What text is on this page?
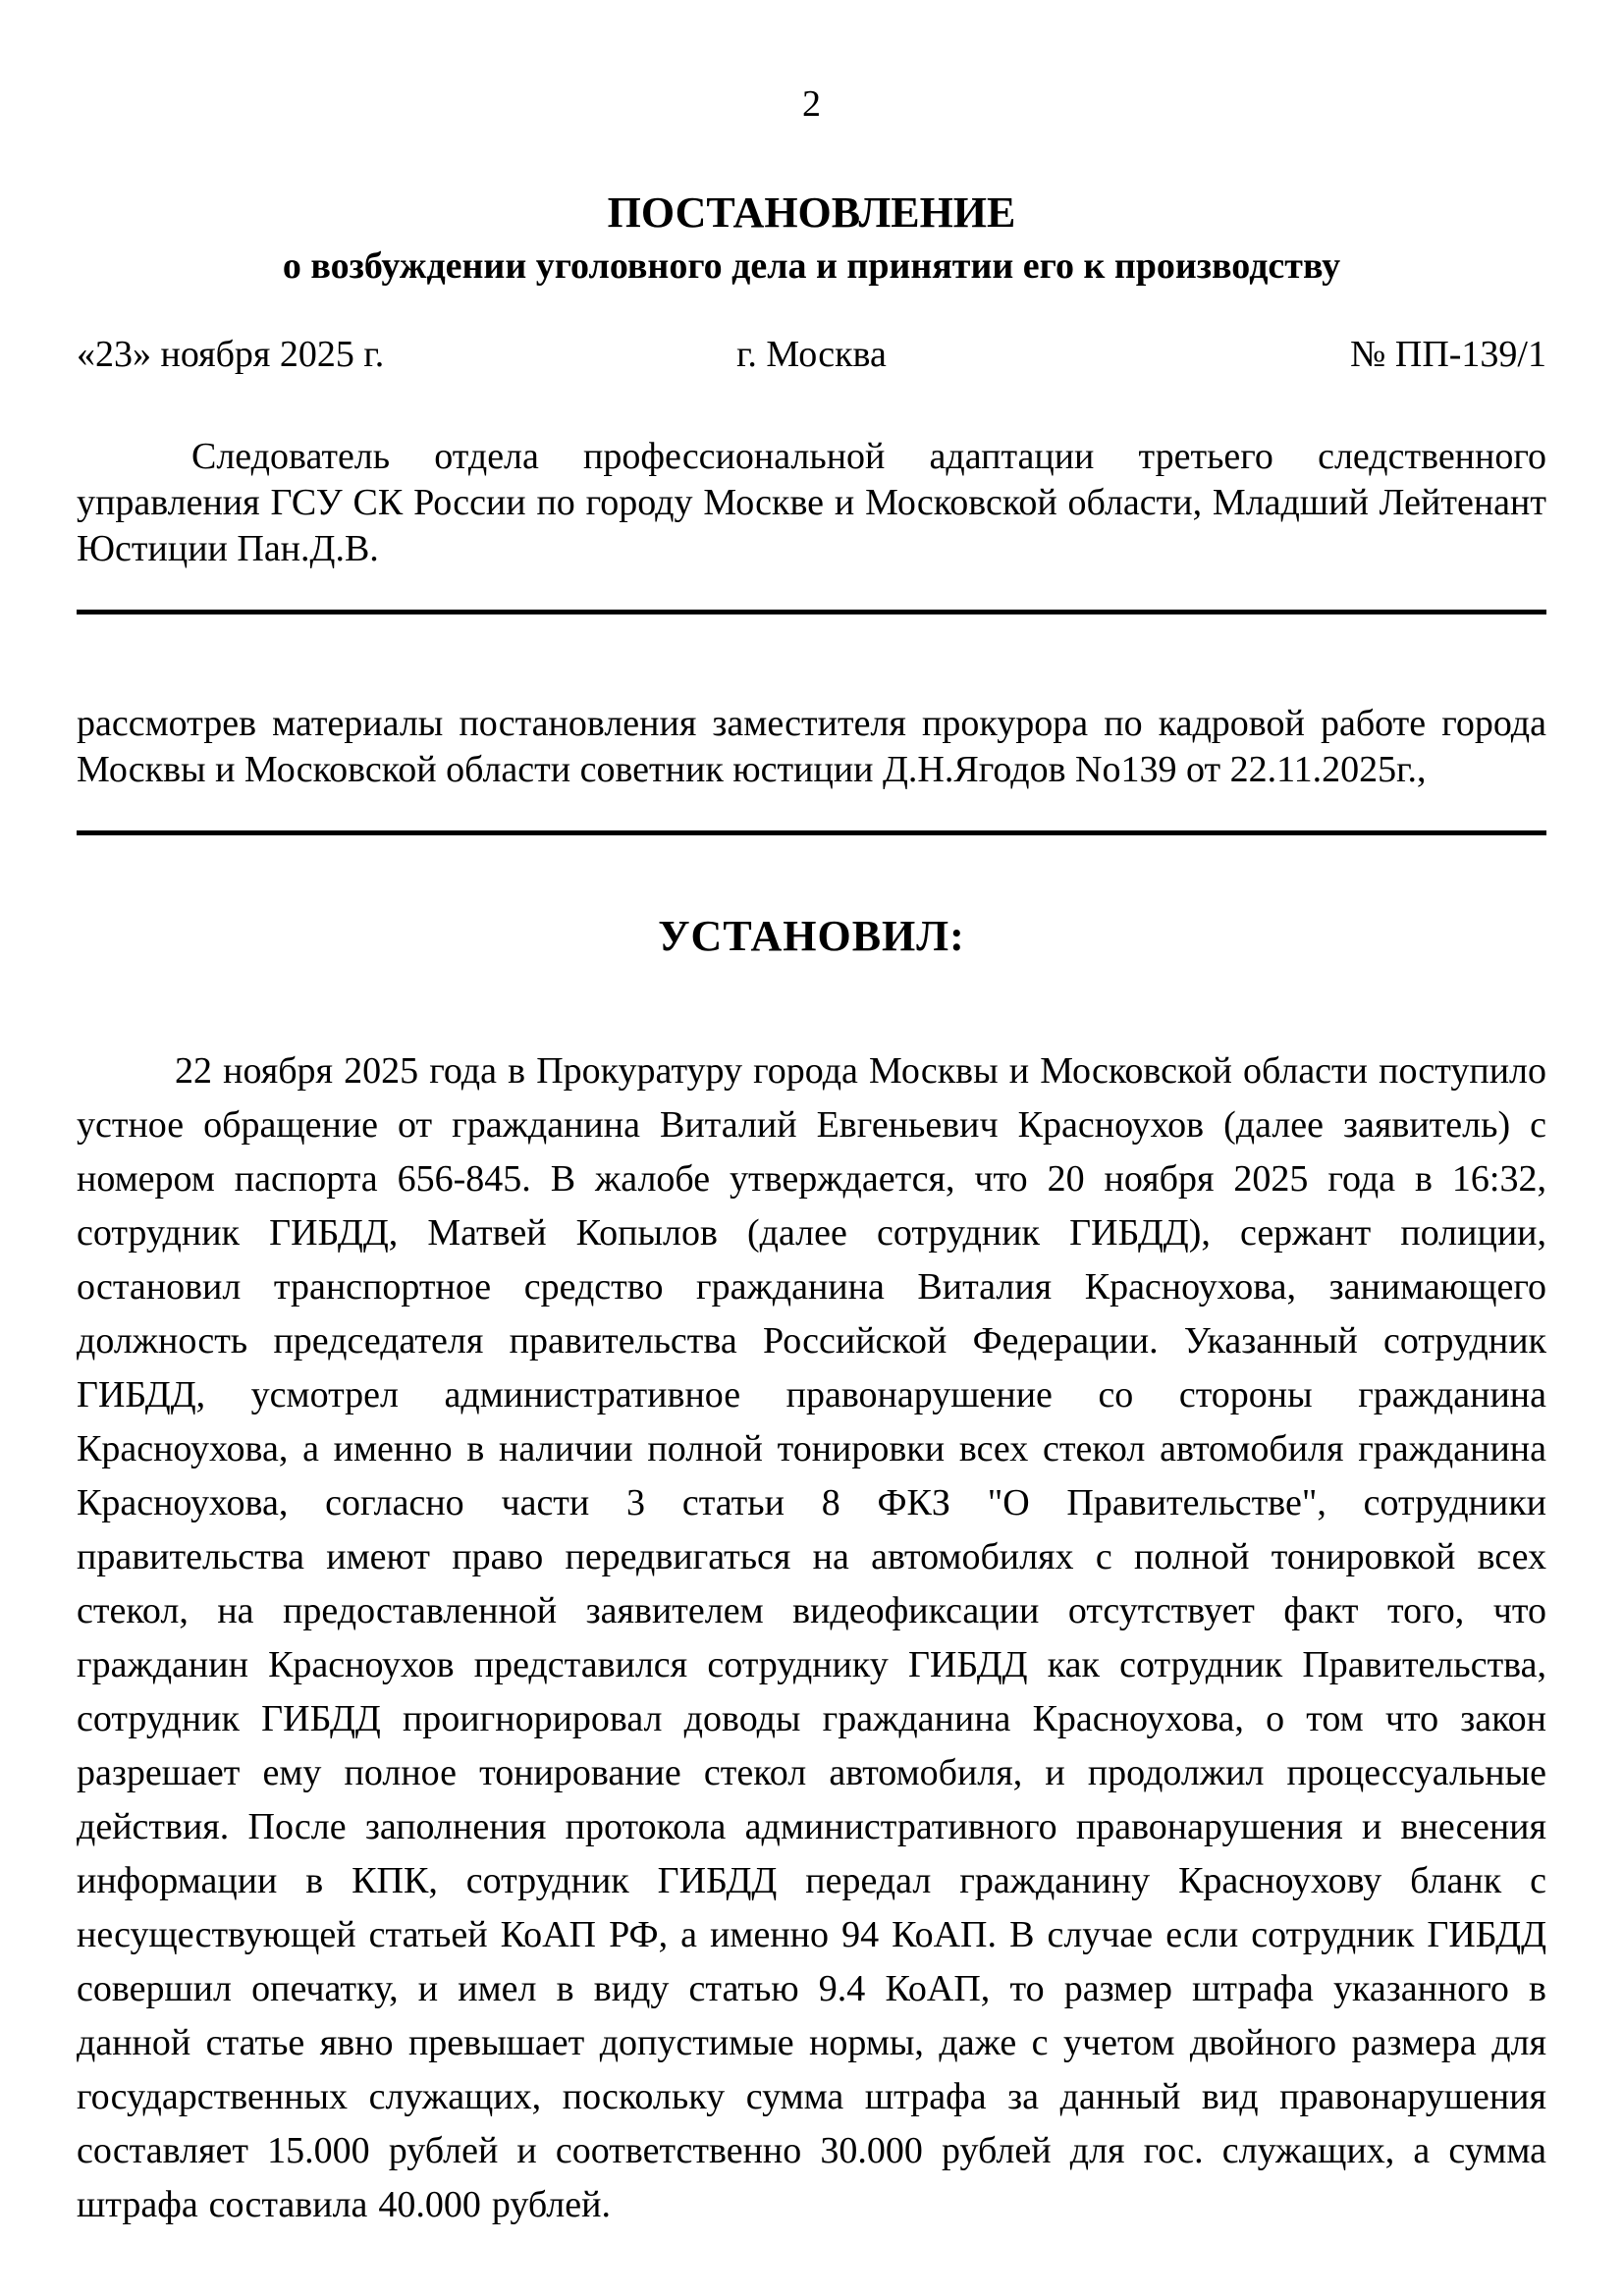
2
ПОСТАНОВЛЕНИЕ
о возбуждении уголовного дела и принятии его к производству
«23» ноября 2025 г.	г. Москва	№ ПП-139/1

Следователь отдела профессиональной адаптации третьего следственного управления ГСУ СК России по городу Москве и Московской области, Младший Лейтенант Юстиции Пан.Д.В.

рассмотрев материалы постановления заместителя прокурора по кадровой работе города Москвы и Московской области советник юстиции Д.Н.Ягодов No139 от 22.11.2025г.,

УСТАНОВИЛ:

22 ноября 2025 года в Прокуратуру города Москвы и Московской области поступило устное обращение от гражданина Виталий Евгеньевич Красноухов (далее заявитель) с номером паспорта 656-845. В жалобе утверждается, что 20 ноября 2025 года в 16:32, сотрудник ГИБДД, Матвей Копылов (далее сотрудник ГИБДД), сержант полиции, остановил транспортное средство гражданина Виталия Красноухова, занимающего должность председателя правительства Российской Федерации. Указанный сотрудник ГИБДД, усмотрел административное правонарушение со стороны гражданина Красноухова, а именно в наличии полной тонировки всех стекол автомобиля гражданина Красноухова, согласно части 3 статьи 8 ФКЗ "О Правительстве", сотрудники правительства имеют право передвигаться на автомобилях с полной тонировкой всех стекол, на предоставленной заявителем видеофиксации отсутствует факт того, что гражданин Красноухов представился сотруднику ГИБДД как сотрудник Правительства, сотрудник ГИБДД проигнорировал доводы гражданина Красноухова, о том что закон разрешает ему полное тонирование стекол автомобиля, и продолжил процессуальные действия. После заполнения протокола административного правонарушения и внесения информации в КПК, сотрудник ГИБДД передал гражданину Красноухову бланк с несуществующей статьей КоАП РФ, а именно 94 КоАП. В случае если сотрудник ГИБДД совершил опечатку, и имел в виду статью 9.4 КоАП, то размер штрафа указанного в данной статье явно превышает допустимые нормы, даже с учетом двойного размера для государственных служащих, поскольку сумма штрафа за данный вид правонарушения составляет 15.000 рублей и соответственно 30.000 рублей для гос. служащих, а сумма штрафа составила 40.000 рублей.
